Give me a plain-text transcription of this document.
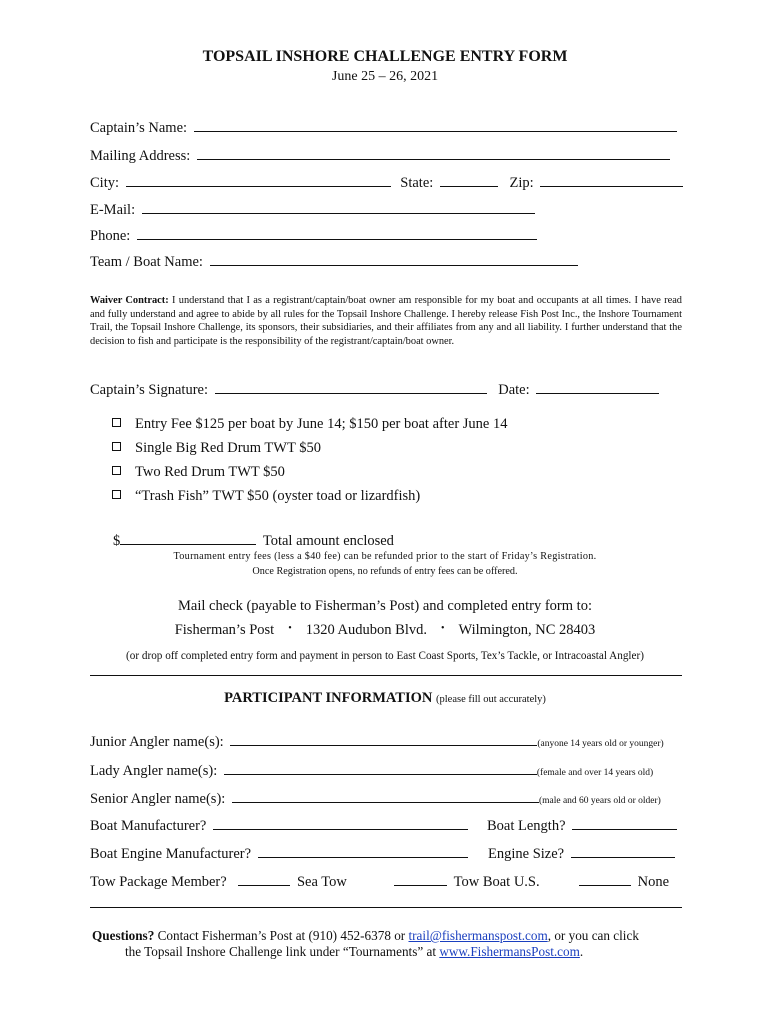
TOPSAIL INSHORE CHALLENGE ENTRY FORM
June 25 – 26, 2021
Captain’s Name:
Mailing Address:
City:	State:	Zip:
E-Mail:
Phone:
Team / Boat Name:
Waiver Contract: I understand that I as a registrant/captain/boat owner am responsible for my boat and occupants at all times. I have read and fully understand and agree to abide by all rules for the Topsail Inshore Challenge. I hereby release Fish Post Inc., the Inshore Tournament Trail, the Topsail Inshore Challenge, its sponsors, their subsidiaries, and their affiliates from any and all liability. I further understand that the decision to fish and participate is the responsibility of the registrant/captain/boat owner.
Captain’s Signature:	Date:
Entry Fee $125 per boat by June 14; $150 per boat after June 14
Single Big Red Drum TWT $50
Two Red Drum TWT $50
“Trash Fish” TWT $50 (oyster toad or lizardfish)
$	Total amount enclosed
Tournament entry fees (less a $40 fee) can be refunded prior to the start of Friday’s Registration.
Once Registration opens, no refunds of entry fees can be offered.
Mail check (payable to Fisherman’s Post) and completed entry form to:
Fisherman’s Post • 1320 Audubon Blvd. • Wilmington, NC 28403
(or drop off completed entry form and payment in person to East Coast Sports, Tex’s Tackle, or Intracoastal Angler)
PARTICIPANT INFORMATION (please fill out accurately)
Junior Angler name(s):	(anyone 14 years old or younger)
Lady Angler name(s):	(female and over 14 years old)
Senior Angler name(s):	(male and 60 years old or older)
Boat Manufacturer?	Boat Length?
Boat Engine Manufacturer?	Engine Size?
Tow Package Member?	Sea Tow	Tow Boat U.S.	None
Questions? Contact Fisherman’s Post at (910) 452-6378 or trail@fishermanspost.com, or you can click
the Topsail Inshore Challenge link under “Tournaments” at www.FishermansPost.com.
